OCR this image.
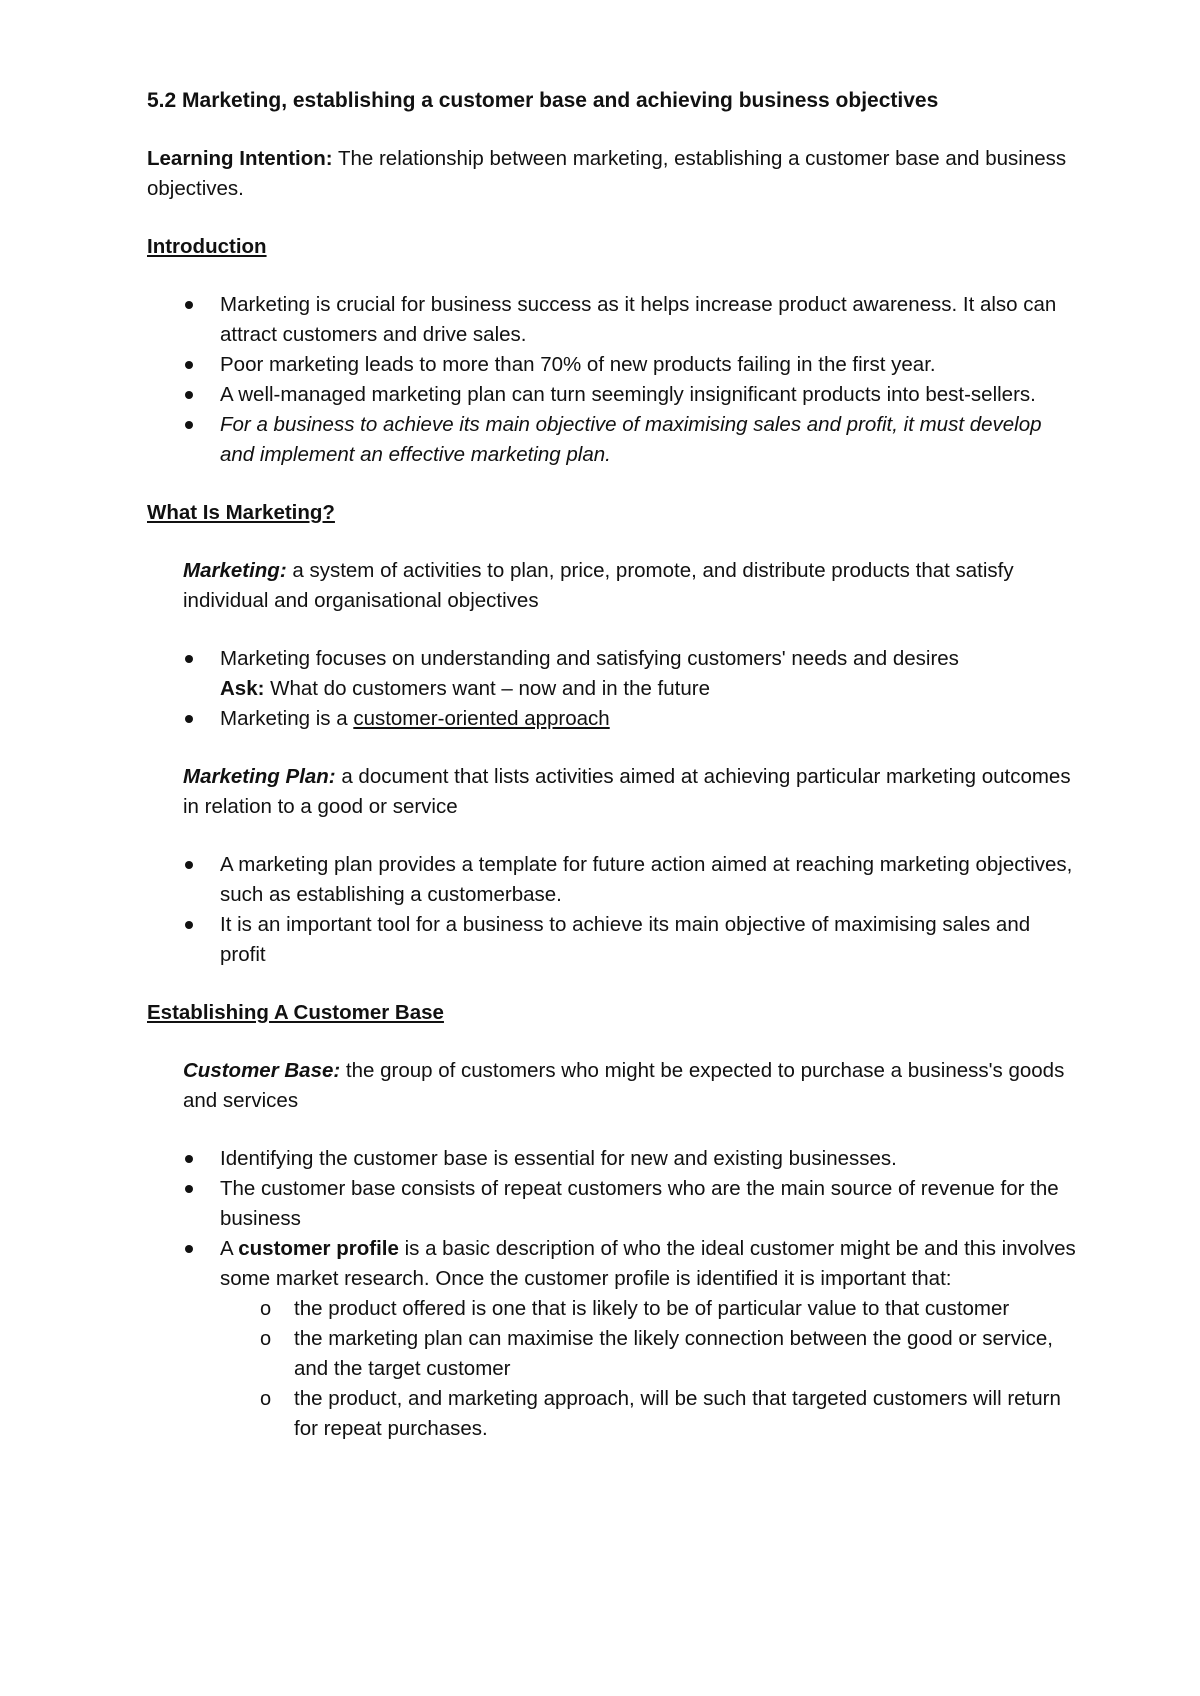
5.2 Marketing, establishing a customer base and achieving business objectives

Learning Intention: The relationship between marketing, establishing a customer base and business objectives.

Introduction

Marketing is crucial for business success as it helps increase product awareness. It also can attract customers and drive sales.
Poor marketing leads to more than 70% of new products failing in the first year.
A well-managed marketing plan can turn seemingly insignificant products into best-sellers.
For a business to achieve its main objective of maximising sales and profit, it must develop and implement an effective marketing plan.

What Is Marketing?

Marketing: a system of activities to plan, price, promote, and distribute products that satisfy individual and organisational objectives

Marketing focuses on understanding and satisfying customers' needs and desires
Ask: What do customers want – now and in the future
Marketing is a customer-oriented approach

Marketing Plan: a document that lists activities aimed at achieving particular marketing outcomes in relation to a good or service

A marketing plan provides a template for future action aimed at reaching marketing objectives, such as establishing a customerbase.
It is an important tool for a business to achieve its main objective of maximising sales and profit

Establishing A Customer Base

Customer Base: the group of customers who might be expected to purchase a business's goods and services

Identifying the customer base is essential for new and existing businesses.
The customer base consists of repeat customers who are the main source of revenue for the business
A customer profile is a basic description of who the ideal customer might be and this involves some market research. Once the customer profile is identified it is important that:
o the product offered is one that is likely to be of particular value to that customer
o the marketing plan can maximise the likely connection between the good or service, and the target customer
o the product, and marketing approach, will be such that targeted customers will return for repeat purchases.
